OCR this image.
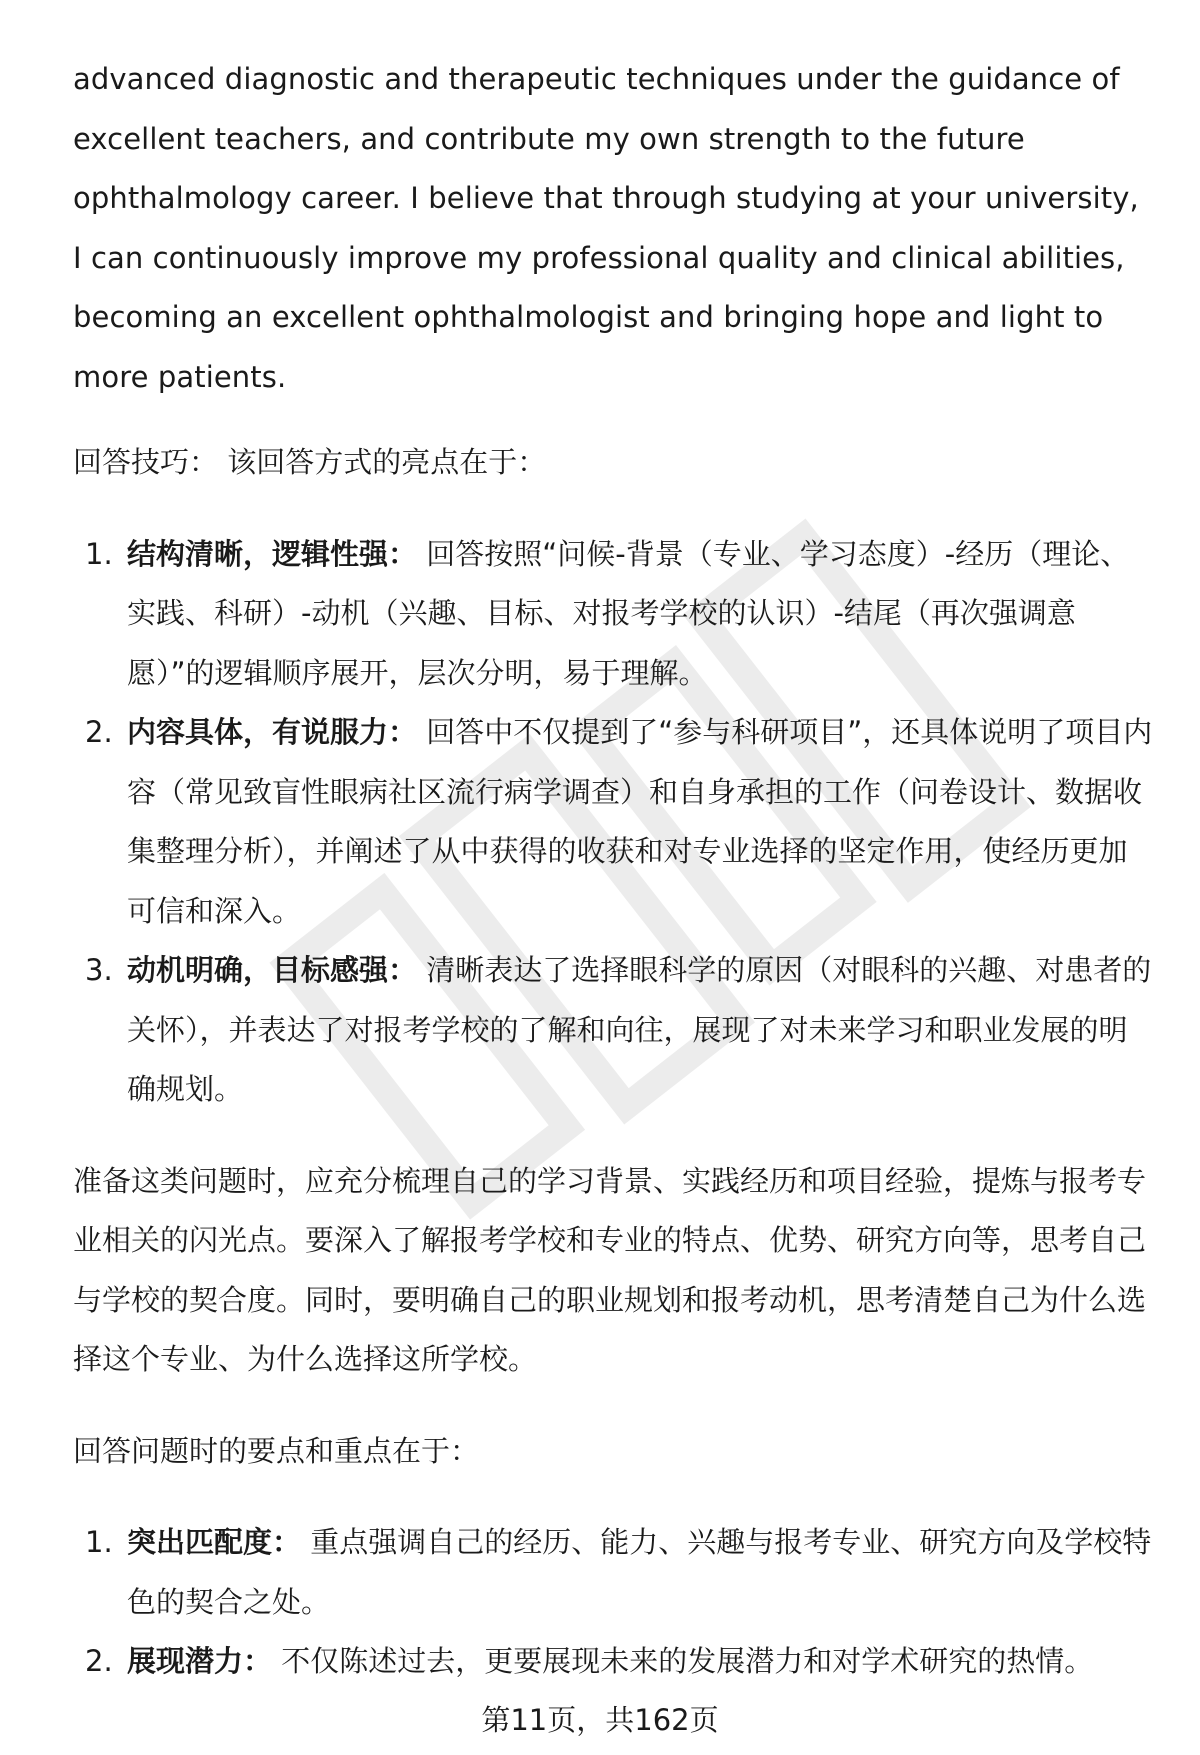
advanced diagnostic and therapeutic techniques under the guidance of excellent teachers, and contribute my own strength to the future ophthalmology career. I believe that through studying at your university, I can continuously improve my professional quality and clinical abilities, becoming an excellent ophthalmologist and bringing hope and light to more patients.

回答技巧： 该回答方式的亮点在于：

1. 结构清晰，逻辑性强： 回答按照“问候-背景（专业、学习态度）-经历（理论、实践、科研）-动机（兴趣、目标、对报考学校的认识）-结尾（再次强调意愿）”的逻辑顺序展开，层次分明，易于理解。
2. 内容具体，有说服力： 回答中不仅提到了“参与科研项目”，还具体说明了项目内容（常见致盲性眼病社区流行病学调查）和自身承担的工作（问卷设计、数据收集整理分析），并阐述了从中获得的收获和对专业选择的坚定作用，使经历更加可信和深入。
3. 动机明确，目标感强： 清晰表达了选择眼科学的原因（对眼科的兴趣、对患者的关怀），并表达了对报考学校的了解和向往，展现了对未来学习和职业发展的明确规划。

准备这类问题时，应充分梳理自己的学习背景、实践经历和项目经验，提炼与报考专业相关的闪光点。要深入了解报考学校和专业的特点、优势、研究方向等，思考自己与学校的契合度。同时，要明确自己的职业规划和报考动机，思考清楚自己为什么选择这个专业、为什么选择这所学校。

回答问题时的要点和重点在于：

1. 突出匹配度： 重点强调自己的经历、能力、兴趣与报考专业、研究方向及学校特色的契合之处。
2. 展现潜力： 不仅陈述过去，更要展现未来的发展潜力和对学术研究的热情。
第11页，共162页
